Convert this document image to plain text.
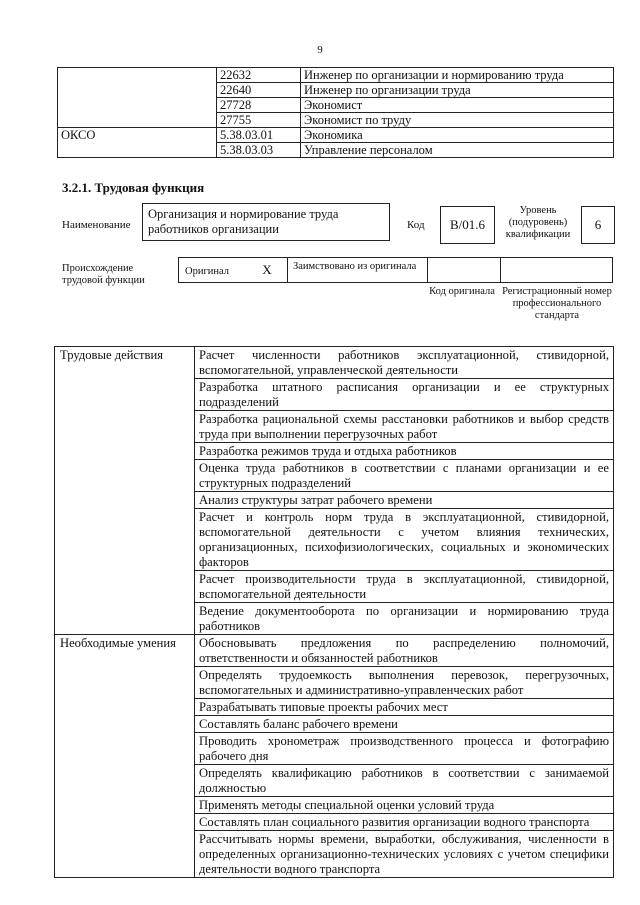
9
	22632	Инженер по организации и нормированию труда
	22640	Инженер по организации труда
	27728	Экономист
	27755	Экономист по труду
ОКСО	5.38.03.01	Экономика
	5.38.03.03	Управление персоналом
3.2.1. Трудовая функция
Наименование
Организация и нормирование труда работников организации	Код B/01.6
Уровень (подуровень) квалификации
6
Происхождение трудовой функции
Оригинал	X	Заимствовано из оригинала
Код оригинала Регистрационный номер профессионального стандарта
Трудовые действия	Расчет численности работников эксплуатационной, стивидорной, вспомогательной, управленческой деятельности
	Разработка штатного расписания организации и ее структурных подразделений
	Разработка рациональной схемы расстановки работников и выбор средств труда при выполнении перегрузочных работ
	Разработка режимов труда и отдыха работников
	Оценка труда работников в соответствии с планами организации и ее структурных подразделений
	Анализ структуры затрат рабочего времени
	Расчет и контроль норм труда в эксплуатационной, стивидорной, вспомогательной деятельности с учетом влияния технических, организационных, психофизиологических, социальных и экономических факторов
	Расчет производительности труда в эксплуатационной, стивидорной, вспомогательной деятельности
	Ведение документооборота по организации и нормированию труда работников
Необходимые умения	Обосновывать предложения по распределению полномочий, ответственности и обязанностей работников
	Определять трудоемкость выполнения перевозок, перегрузочных, вспомогательных и административно-управленческих работ
	Разрабатывать типовые проекты рабочих мест
	Составлять баланс рабочего времени
	Проводить хронометраж производственного процесса и фотографию рабочего дня
	Определять квалификацию работников в соответствии с занимаемой должностью
	Применять методы специальной оценки условий труда
	Составлять план социального развития организации водного транспорта
	Рассчитывать нормы времени, выработки, обслуживания, численности в определенных организационно-технических условиях с учетом специфики деятельности водного транспорта
